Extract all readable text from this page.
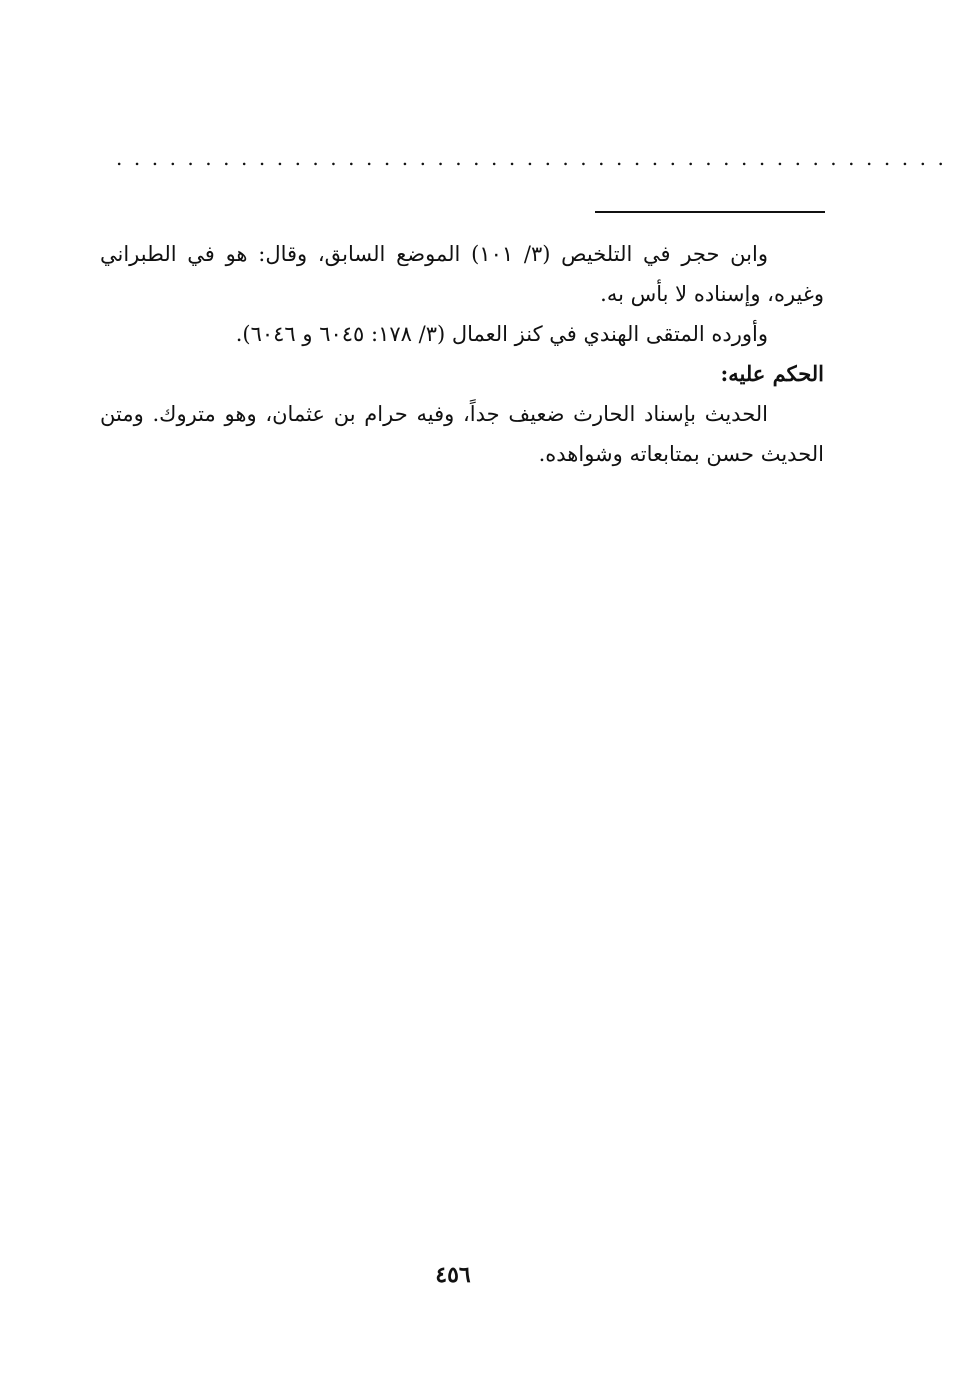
...............................................

وابن حجر في التلخيص (٣/ ١٠١) الموضع السابق، وقال: هو في الطبراني وغيره، وإسناده لا بأس به.

وأورده المتقى الهندي في كنز العمال (٣/ ١٧٨: ٦٠٤٥ و ٦٠٤٦).

الحكم عليه:

الحديث بإسناد الحارث ضعيف جداً، وفيه حرام بن عثمان، وهو متروك. ومتن الحديث حسن بمتابعاته وشواهده.

٤٥٦
